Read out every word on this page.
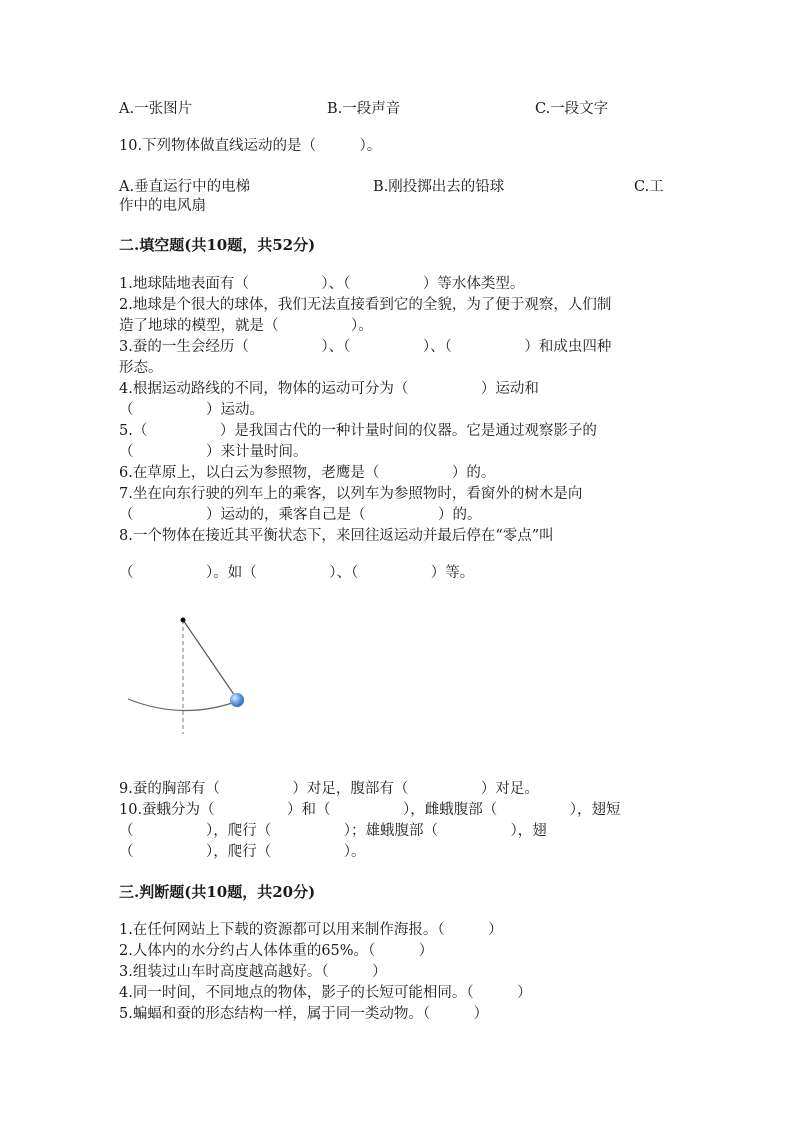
A.一张图片	B.一段声音	C.一段文字
10.下列物体做直线运动的是（　　　）。
A.垂直运行中的电梯	B.刚投掷出去的铅球	C.工
作中的电风扇
二.填空题(共10题，共52分)
1.地球陆地表面有（　　　　　）、（　　　　　）等水体类型。
2.地球是个很大的球体，我们无法直接看到它的全貌，为了便于观察，人们制
造了地球的模型，就是（　　　　　）。
3.蚕的一生会经历（　　　　　）、（　　　　　）、（　　　　　）和成虫四种
形态。
4.根据运动路线的不同，物体的运动可分为（　　　　　）运动和
（　　　　　）运动。
5.（　　　　　）是我国古代的一种计量时间的仪器。它是通过观察影子的
（　　　　　）来计量时间。
6.在草原上，以白云为参照物，老鹰是（　　　　　）的。
7.坐在向东行驶的列车上的乘客，以列车为参照物时，看窗外的树木是向
（　　　　　）运动的，乘客自己是（　　　　　）的。
8.一个物体在接近其平衡状态下，来回往返运动并最后停在“零点”叫
（　　　　　）。如（　　　　　）、（　　　　　）等。
9.蚕的胸部有（　　　　　）对足，腹部有（　　　　　）对足。
10.蚕蛾分为（　　　　　）和（　　　　　），雌蛾腹部（　　　　　），翅短
（　　　　　），爬行（　　　　　）；雄蛾腹部（　　　　　），翅
（　　　　　），爬行（　　　　　）。
三.判断题(共10题，共20分)
1.在任何网站上下载的资源都可以用来制作海报。（　　　）
2.人体内的水分约占人体体重的65%。（　　　）
3.组装过山车时高度越高越好。（　　　）
4.同一时间，不同地点的物体，影子的长短可能相同。（　　　）
5.蝙蝠和蚕的形态结构一样，属于同一类动物。（　　　）
